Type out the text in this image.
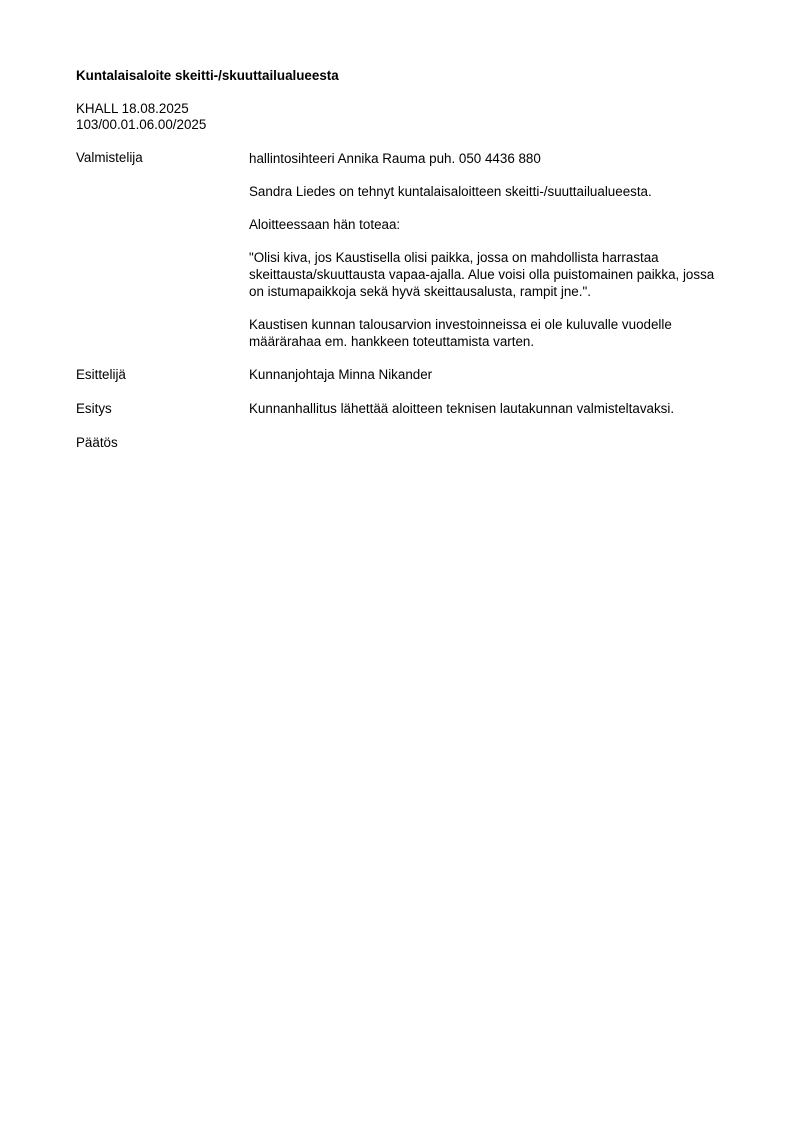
Kuntalaisaloite skeitti-/skuuttailualueesta
KHALL 18.08.2025
103/00.01.06.00/2025
Valmistelija	hallintosihteeri Annika Rauma puh. 050 4436 880

Sandra Liedes on tehnyt kuntalaisaloitteen skeitti-/suuttailualueesta.

Aloitteessaan hän toteaa:

"Olisi kiva, jos Kaustisella olisi paikka, jossa on mahdollista harrastaa skeittausta/skuuttausta vapaa-ajalla. Alue voisi olla puistomainen paikka, jossa on istumapaikkoja sekä hyvä skeittausalusta, rampit jne.".

Kaustisen kunnan talousarvion investoinneissa ei ole kuluvalle vuodelle määrärahaa em. hankkeen toteuttamista varten.

Esittelijä	Kunnanjohtaja Minna Nikander
Esitys	Kunnanhallitus lähettää aloitteen teknisen lautakunnan valmisteltavaksi.
Päätös
